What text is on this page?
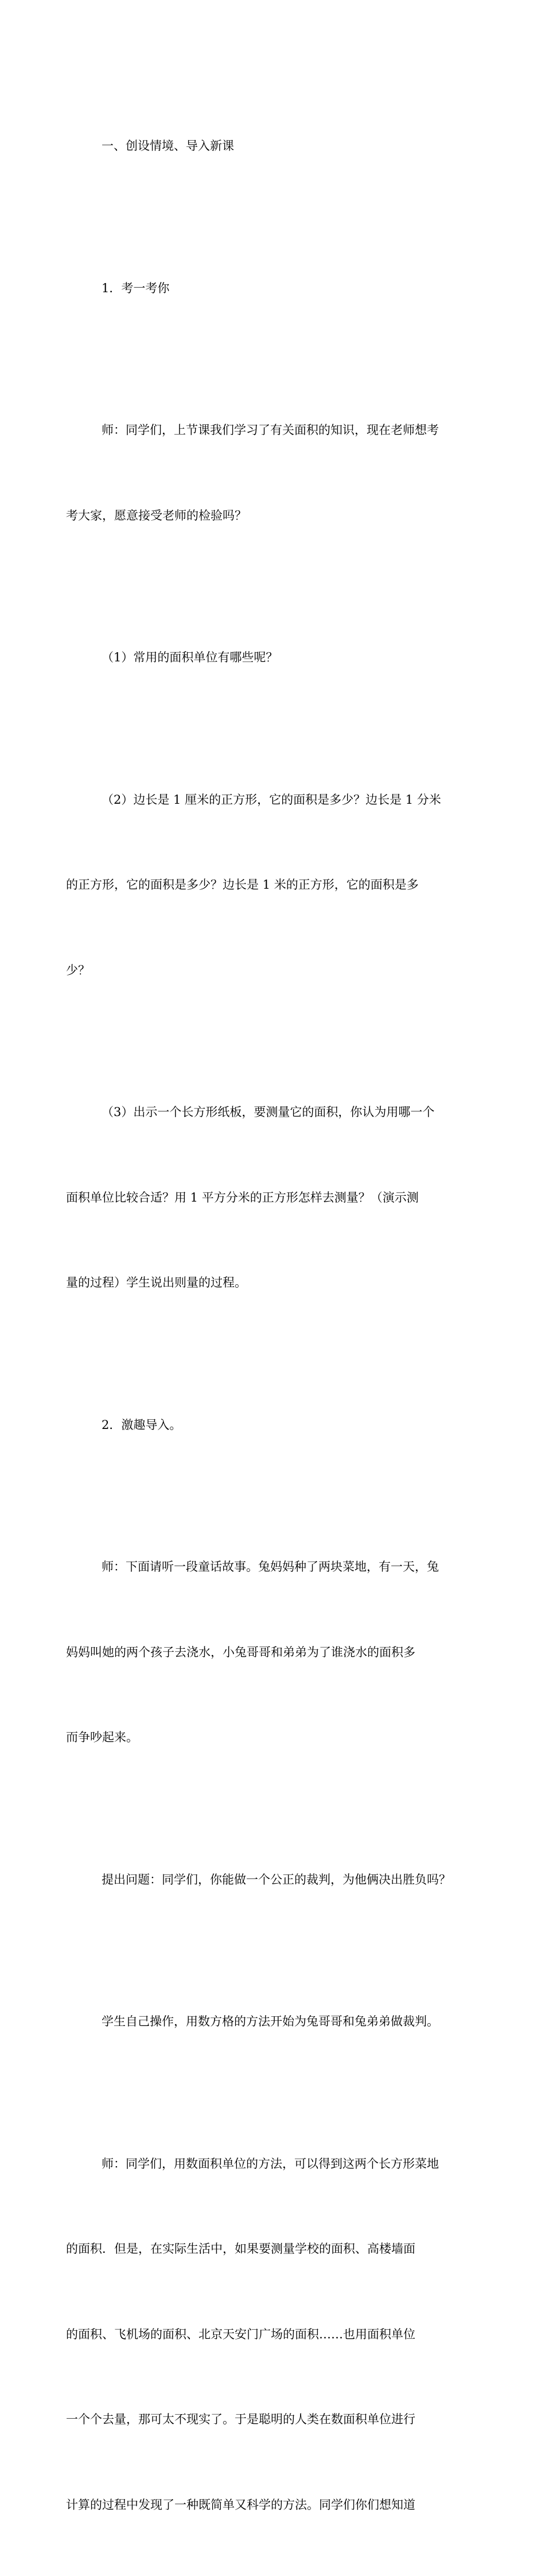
一、创设情境、导入新课

1．考一考你

师：同学们，上节课我们学习了有关面积的知识，现在老师想考

考大家，愿意接受老师的检验吗？

（1）常用的面积单位有哪些呢？

（2）边长是 1 厘米的正方形，它的面积是多少？边长是 1 分米

的正方形，它的面积是多少？边长是 1 米的正方形，它的面积是多

少？

（3）出示一个长方形纸板，要测量它的面积，你认为用哪一个

面积单位比较合适？用 1 平方分米的正方形怎样去测量？（演示测

量的过程）学生说出则量的过程。

2．激趣导入。

师：下面请听一段童话故事。兔妈妈种了两块菜地，有一天，兔

妈妈叫她的两个孩子去浇水，小兔哥哥和弟弟为了谁浇水的面积多

而争吵起来。

提出问题：同学们，你能做一个公正的裁判，为他俩决出胜负吗？

学生自己操作，用数方格的方法开始为兔哥哥和兔弟弟做裁判。

师：同学们，用数面积单位的方法，可以得到这两个长方形菜地

的面积．但是，在实际生活中，如果要测量学校的面积、高楼墙面

的面积、飞机场的面积、北京天安门广场的面积……也用面积单位

一个个去量，那可太不现实了。于是聪明的人类在数面积单位进行

计算的过程中发现了一种既简单又科学的方法。同学们你们想知道
